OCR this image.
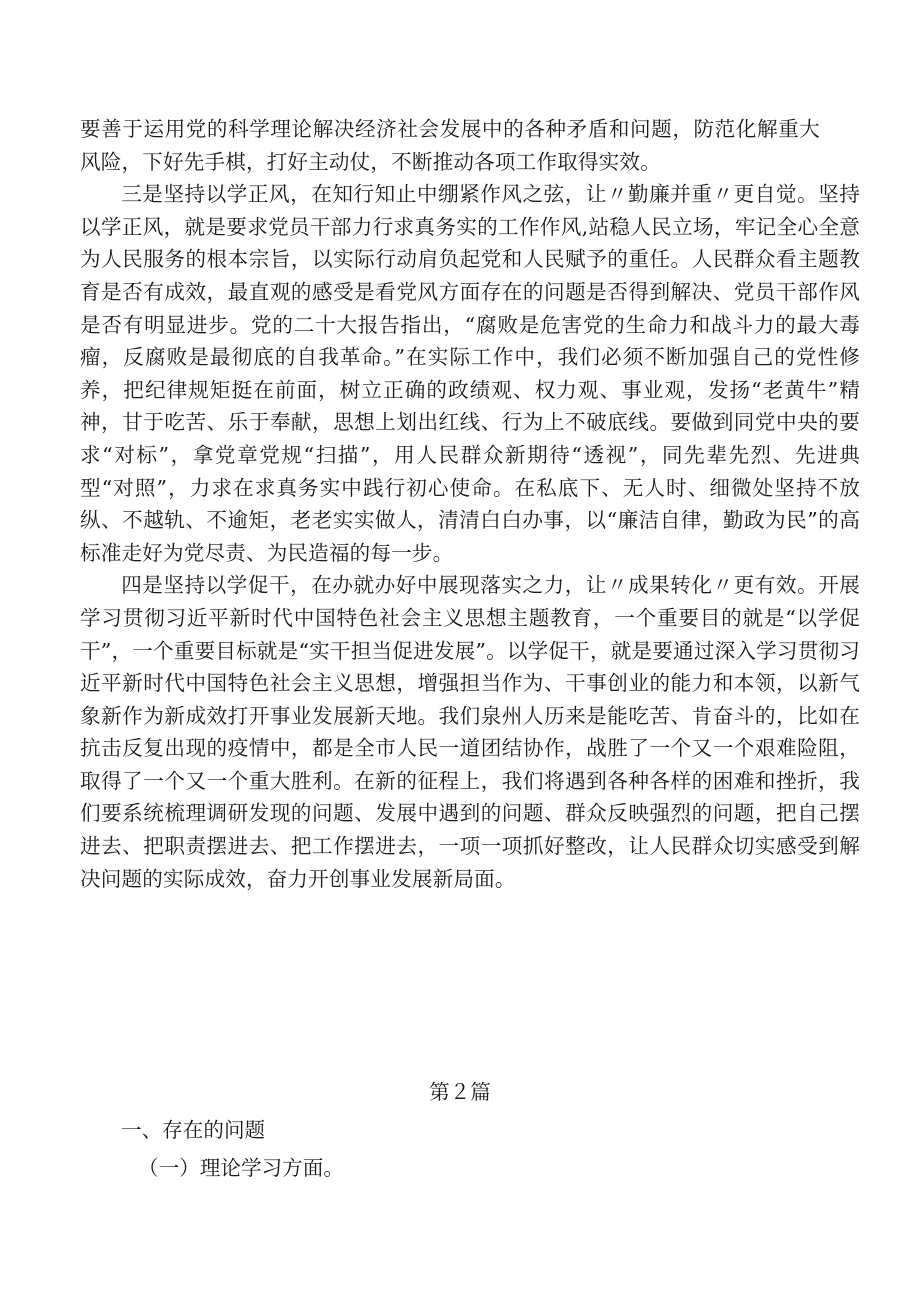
要善于运用党的科学理论解决经济社会发展中的各种矛盾和问题，防范化解重大风险，下好先手棋，打好主动仗，不断推动各项工作取得实效。

三是坚持以学正风，在知行知止中绷紧作风之弦，让〃勤廉并重〃更自觉。坚持以学正风，就是要求党员干部力行求真务实的工作作风,站稳人民立场，牢记全心全意为人民服务的根本宗旨，以实际行动肩负起党和人民赋予的重任。人民群众看主题教育是否有成效，最直观的感受是看党风方面存在的问题是否得到解决、党员干部作风是否有明显进步。党的二十大报告指出，“腐败是危害党的生命力和战斗力的最大毒瘤，反腐败是最彻底的自我革命。”在实际工作中，我们必须不断加强自己的党性修养，把纪律规矩挺在前面，树立正确的政绩观、权力观、事业观，发扬“老黄牛”精神，甘于吃苦、乐于奉献，思想上划出红线、行为上不破底线。要做到同党中央的要求“对标”，拿党章党规“扫描”，用人民群众新期待“透视”，同先辈先烈、先进典型“对照”，力求在求真务实中践行初心使命。在私底下、无人时、细微处坚持不放纵、不越轨、不逾矩，老老实实做人，清清白白办事，以“廉洁自律，勤政为民”的高标准走好为党尽责、为民造福的每一步。

四是坚持以学促干，在办就办好中展现落实之力，让〃成果转化〃更有效。开展学习贯彻习近平新时代中国特色社会主义思想主题教育，一个重要目的就是“以学促干”，一个重要目标就是“实干担当促进发展”。以学促干，就是要通过深入学习贯彻习近平新时代中国特色社会主义思想，增强担当作为、干事创业的能力和本领，以新气象新作为新成效打开事业发展新天地。我们泉州人历来是能吃苦、肯奋斗的，比如在抗击反复出现的疫情中，都是全市人民一道团结协作，战胜了一个又一个艰难险阻，取得了一个又一个重大胜利。在新的征程上，我们将遇到各种各样的困难和挫折，我们要系统梳理调研发现的问题、发展中遇到的问题、群众反映强烈的问题，把自己摆进去、把职责摆进去、把工作摆进去，一项一项抓好整改，让人民群众切实感受到解决问题的实际成效，奋力开创事业发展新局面。

第２篇
一、存在的问题
（一）理论学习方面。
